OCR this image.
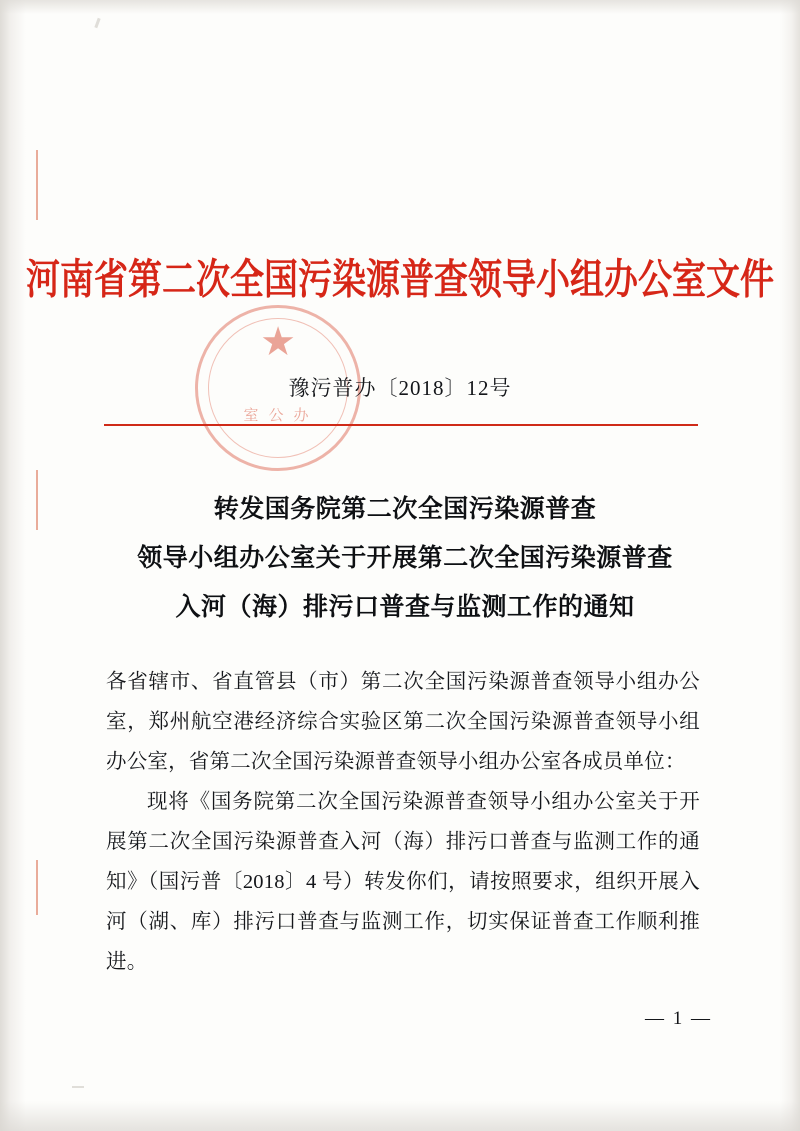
河南省第二次全国污染源普查领导小组办公室文件
★
室公办
豫污普办〔2018〕12号
转发国务院第二次全国污染源普查
领导小组办公室关于开展第二次全国污染源普查
入河（海）排污口普查与监测工作的通知

各省辖市、省直管县（市）第二次全国污染源普查领导小组办公室，郑州航空港经济综合实验区第二次全国污染源普查领导小组办公室，省第二次全国污染源普查领导小组办公室各成员单位：

现将《国务院第二次全国污染源普查领导小组办公室关于开展第二次全国污染源普查入河（海）排污口普查与监测工作的通知》（国污普〔2018〕4 号）转发你们，请按照要求，组织开展入河（湖、库）排污口普查与监测工作，切实保证普查工作顺利推进。

— 1 —
